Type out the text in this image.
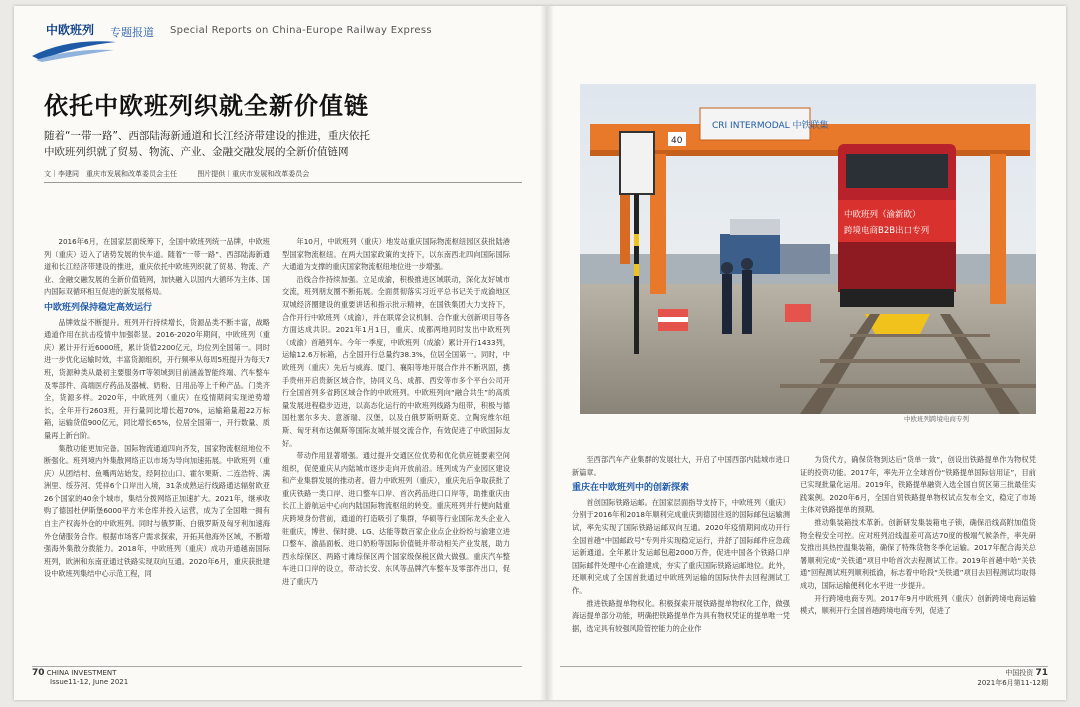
中欧班列 专题报道 Special Reports on China-Europe Railway Express
依托中欧班列织就全新价值链
随着“一带一路”、西部陆海新通道和长江经济带建设的推进，重庆依托中欧班列织就了贸易、物流、产业、金融交融发展的全新价值链网
文｜李建同　重庆市发展和改革委员会主任	图片提供｜重庆市发展和改革委员会

2016年6月，在国家层面统筹下，全国中欧班列统一品牌，中欧班列（重庆）迈入了诸势发展的快车道。随着“一带一路”、西部陆海新通道和长江经济带建设的推进，重庆依托中欧班列织就了贸易、物流、产业、金融交融发展的全新价值链网，加快融入以国内大循环为主体、国内国际双循环相互促进的新发展格局。

中欧班列保持稳定高效运行

品牌效益不断提升。班列开行持续增长，货源品类不断丰富，战略通道作用在抗击疫情中加强彰显。2016-2020年期间，中欧班列（重庆）累计开行近6000班，累计货值2200亿元，均位列全国第一。同时进一步优化运输时效，丰富货源组织，开行频率从每周5班提升为每天7班，货源种类从最初主要服务IT等领域到目前涵盖智能终端、汽车整车及零部件、高端医疗药品及器械、奶粉、日用品等上千种产品。门类齐全，货源多样。2020年，中欧班列（重庆）在疫情期间实现逆势增长，全年开行2603班，开行量同比增长超70%，运输箱量超22万标箱，运输货值900亿元，同比增长65%，位居全国第一，开行数量、质量再上新台阶。

集散功能更加完备。国际物流通道四向齐发，国家物流枢纽地位不断强化。班列境内外集散网络正以市场为导向加速拓展。中欧班列（重庆）从团结村、鱼嘴两站始发，经阿拉山口、霍尔果斯、二连浩特、满洲里、绥芬河、凭祥6个口岸出入境，31条成熟运行线路通达辐射欧亚26个国家的40余个城市，集结分拨网络正加速扩大。2021年，继承收购了德国杜伊斯堡6000平方米仓库并投入运营，成为了全国唯一拥有自主产权海外仓的中欧班列。同时与俄罗斯、白俄罗斯及匈牙利加速海外仓储服务合作。根据市场客户需求探索，开拓其他海外区域，不断增强海外集散分拨能力。2018年，中欧班列（重庆）成功开通越南国际班列，欧洲和东南亚通过铁路实现双向互通。2020年6月，重庆获批建设中欧班列集结中心示范工程，同

年10月，中欧班列（重庆）地发站重庆国际物流枢纽园区获批陆港型国家物流枢纽。在两大国家政策的支持下，以东南西北四向国际国际大通道为支撑的重庆国家物流枢纽地位进一步增强。

沿线合作持续加强。立足成渝，积极推进区域联动，深化友好城市交流，班列朋友圈不断拓展。全面贯彻落实习近平总书记关于成渝地区双城经济圈建设的重要讲话和指示批示精神，在国铁集团大力支持下，合作开行中欧班列（成渝），并在联席会议机制、合作重大创新项目等各方面达成共识。2021年1月1日，重庆、成都两地同时发出中欧班列（成渝）首趟列车。今年一季度，中欧班列（成渝）累计开行1433列，运输12.6万标箱，占全国开行总量约38.3%，位居全国第一。同时，中欧班列（重庆）先后与威海、厦门、襄阳等地开展合作并不断巩固，携手贵州开启贵新区域合作，协同义乌、成都、西安等市多个平台公司开行全国首列多省跨区域合作的中欧班列。中欧班列向“融合共生”的高质量发展进程稳步迈进，以高态化运行的中欧班列线路为纽带，积极与德国杜塞尔多夫、意浙瑞、汉堡，以及白俄罗斯明斯克、立陶宛维尔纽斯、匈牙利布达佩斯等国际友城并展交流合作，有效促进了中欧国际友好。

带动作用显著增强。通过提升交通区位优势和优化供应链要素空间组织，促使重庆从内陆城市逐步走向开放前沿。班列成为产业园区建设和产业集群发展的推动者。借力中欧班列（重庆），重庆先后争取获批了重庆铁路一类口岸、进口整车口岸、首次药品进口口岸等，助推重庆由长江上游航运中心向内陆国际物流枢纽的转变。重庆班列并行便向陆重庆跨境身份营前，通道的打造吸引了集群，华硕等行业国际龙头企业入驻重庆，博世、保时捷、LG、达能等数百家企业点企业纷纷与渝建立进口整车、渝晶面板、进口奶粉等国际价值链并带动相关产业发展，助力西永综保区、两路寸滩综保区两个国家级保税区做大做强。重庆汽车整车进口口岸的设立，带动长安、东风等品牌汽车整车及零部件出口，促进了重庆乃

CRI INTERMODAL 中铁联集
40
中欧班列（渝新欧）
跨境电商B2B出口专列
中欧班列跨境电商专列

至西部汽车产业集群的发展壮大，开启了中国西部内陆城市进口新篇章。

重庆在中欧班列中的创新探索

首创国际铁路运邮。在国家层面指导支持下，中欧班列（重庆）分别于2016年和2018年顺利完成重庆到德国往返的国际邮包运输测试，率先实现了国际铁路运邮双向互通。2020年疫情期间成功开行全国首趟“中国邮政号”专列并实现稳定运行，并舒了国际邮件应急疏运新通道。全年累计发运邮包超2000万件，促进中国各个铁路口岸国际邮件处理中心在渝建成，夯实了重庆国际铁路运邮地位。此外，还顺利完成了全国首批通过中欧班列运输的国际快件去回程测试工作。

推进铁路提单物权化。积极探索开展铁路提单物权化工作，做强海运提单部分功能，明确把铁路提单作为具有物权凭证的提单唯一凭据，选定具有较强风险管控能力的企业作

为货代方，确保货物到达后“货单一致”，创设出铁路提单作为物权凭证的投资功能。2017年，率先开立全球首份“铁路提单国际信用证”，目前已实现批量化运用。2019年，铁路提单融资入选全国自贸区第三批最佳实践案例。2020年6月，全国自贸铁路提单物权试点发布全文，稳定了市场主体对铁路提单的预期。

推动集装箱技术革新。创新研发集装箱电子锁，确保沿线高附加值货物全程安全可控。应对班列沿线温差可高达70度的极端气候条件，率先研发推出具热控温集装箱，确保了特殊货物冬季化运输。2017年配合海关总署顺利完成“关铁通”项目中哈首次去程测试工作。2019年首趟中哈“关铁通”回程测试班列顺利抵渝，标志着中哈段“关铁通”项目去回程测试均取得成功，国际运输便利化水平进一步提升。

开行跨境电商专列。2017年9月中欧班列（重庆）创新跨境电商运输模式，顺利开行全国首趟跨境电商专列，促进了

70 CHINA INVESTMENT
Issue11-12, June 2021
中国投资 71
2021年6月第11-12期
